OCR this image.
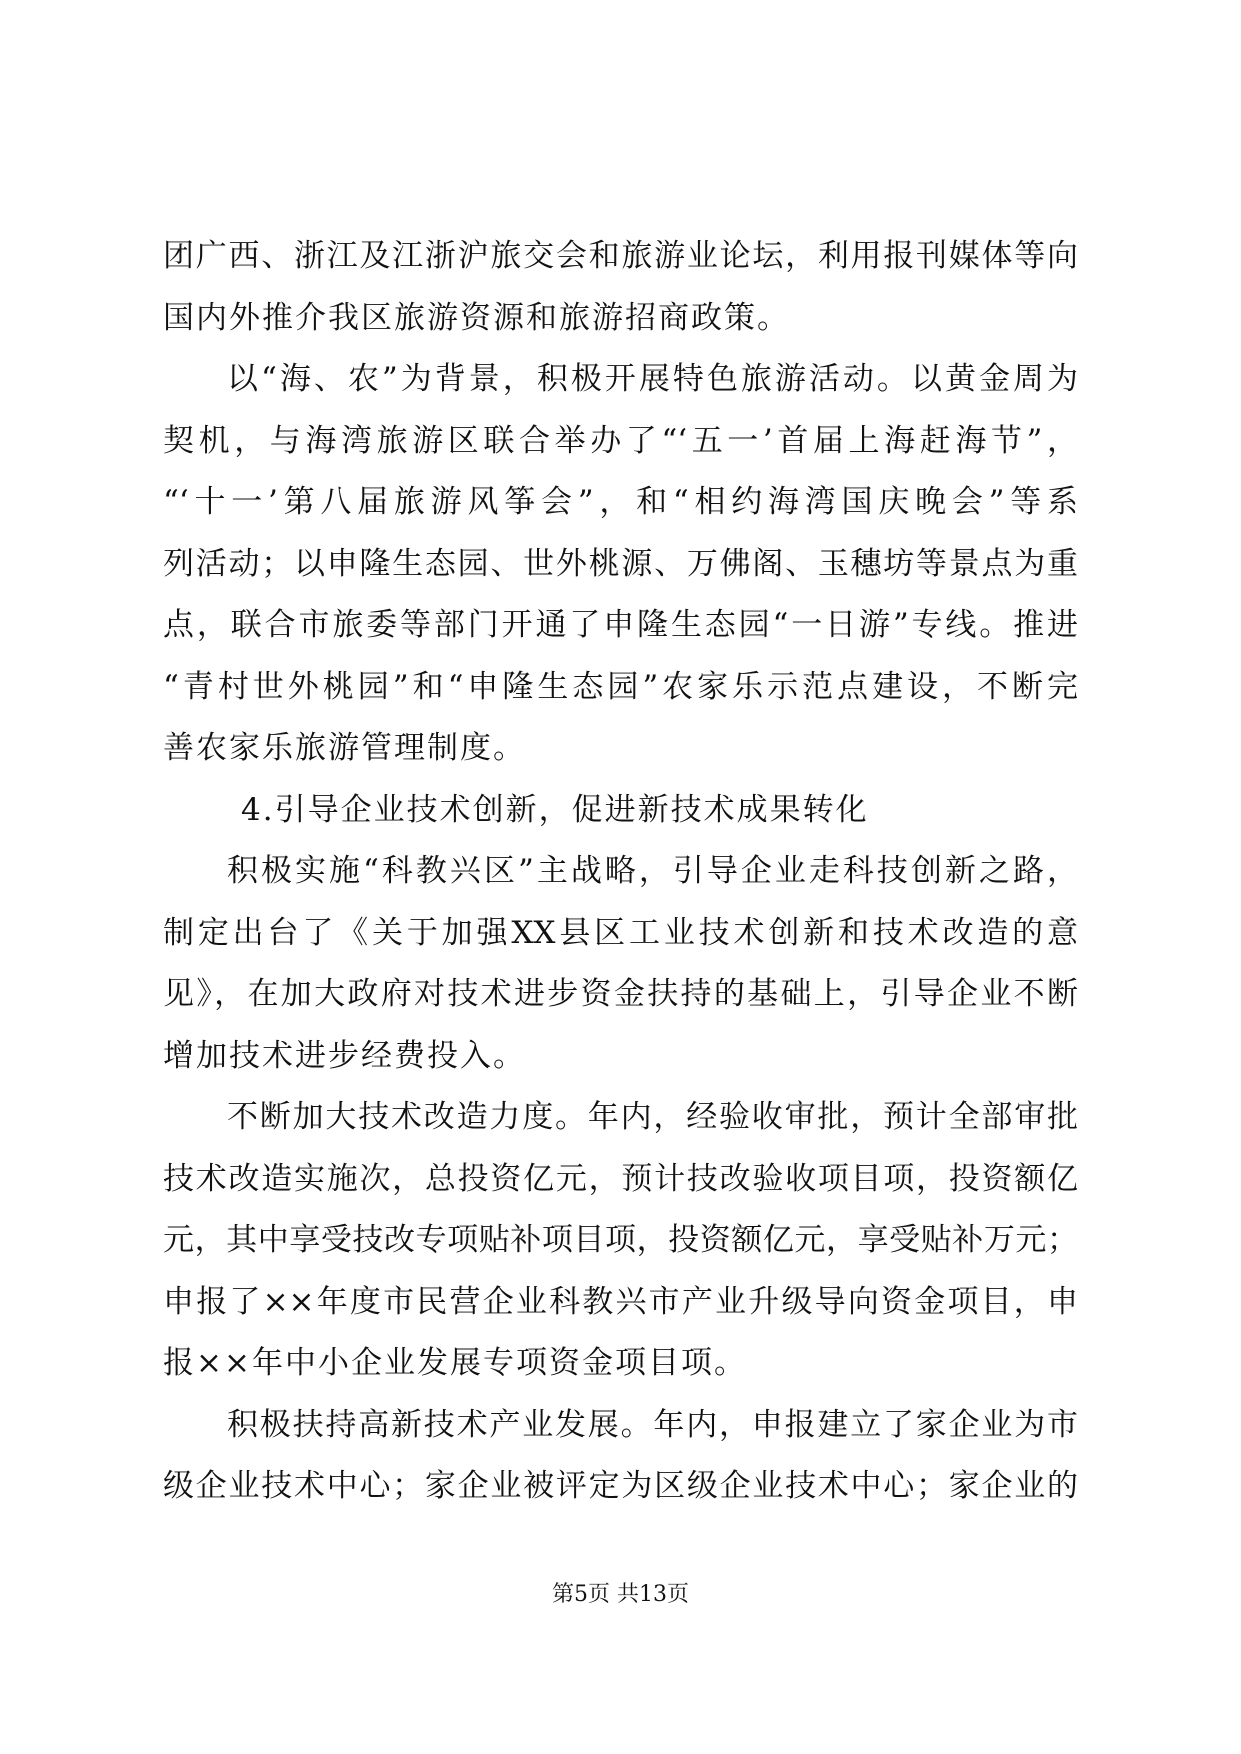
团广西、浙江及江浙沪旅交会和旅游业论坛，利用报刊媒体等向
国内外推介我区旅游资源和旅游招商政策。
以“海、农”为背景，积极开展特色旅游活动。以黄金周为
契机，与海湾旅游区联合举办了“‘五一’首届上海赶海节”，
“‘十一’第八届旅游风筝会”，和“相约海湾国庆晚会”等系
列活动；以申隆生态园、世外桃源、万佛阁、玉穗坊等景点为重
点，联合市旅委等部门开通了申隆生态园“一日游”专线。推进
“青村世外桃园”和“申隆生态园”农家乐示范点建设，不断完
善农家乐旅游管理制度。
4.引导企业技术创新，促进新技术成果转化
积极实施“科教兴区”主战略，引导企业走科技创新之路，
制定出台了《关于加强XX县区工业技术创新和技术改造的意
见》，在加大政府对技术进步资金扶持的基础上，引导企业不断
增加技术进步经费投入。
不断加大技术改造力度。年内，经验收审批，预计全部审批
技术改造实施次，总投资亿元，预计技改验收项目项，投资额亿
元，其中享受技改专项贴补项目项，投资额亿元，享受贴补万元；
申报了××年度市民营企业科教兴市产业升级导向资金项目，申
报××年中小企业发展专项资金项目项。
积极扶持高新技术产业发展。年内，申报建立了家企业为市
级企业技术中心；家企业被评定为区级企业技术中心；家企业的
第5页 共13页
